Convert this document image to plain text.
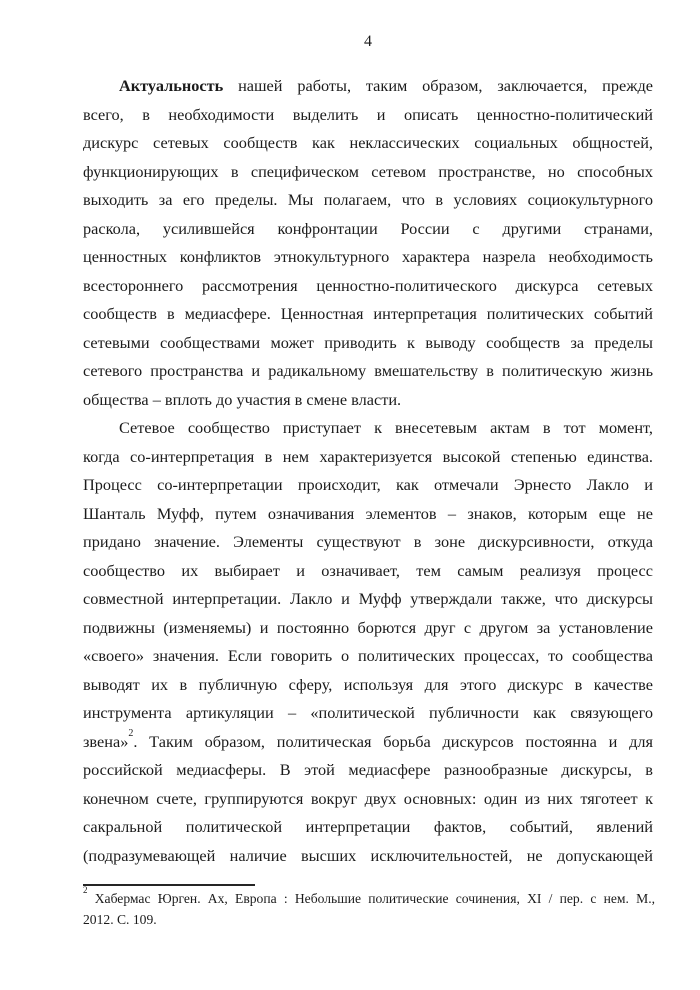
4
Актуальность нашей работы, таким образом, заключается, прежде
всего, в необходимости выделить и описать ценностно-политический
дискурс сетевых сообществ как неклассических социальных общностей,
функционирующих в специфическом сетевом пространстве, но способных
выходить за его пределы. Мы полагаем, что в условиях социокультурного
раскола, усилившейся конфронтации России с другими странами,
ценностных конфликтов этнокультурного характера назрела необходимость
всестороннего рассмотрения ценностно-политического дискурса сетевых
сообществ в медиасфере. Ценностная интерпретация политических событий
сетевыми сообществами может приводить к выводу сообществ за пределы
сетевого пространства и радикальному вмешательству в политическую жизнь
общества – вплоть до участия в смене власти.
Сетевое сообщество приступает к внесетевым актам в тот момент,
когда со-интерпретация в нем характеризуется высокой степенью единства.
Процесс со-интерпретации происходит, как отмечали Эрнесто Лакло и
Шанталь Муфф, путем означивания элементов – знаков, которым еще не
придано значение. Элементы существуют в зоне дискурсивности, откуда
сообщество их выбирает и означивает, тем самым реализуя процесс
совместной интерпретации. Лакло и Муфф утверждали также, что дискурсы
подвижны (изменяемы) и постоянно борются друг с другом за установление
«своего» значения. Если говорить о политических процессах, то сообщества
выводят их в публичную сферу, используя для этого дискурс в качестве
инструмента артикуляции – «политической публичности как связующего
звена»$^2$. Таким образом, политическая борьба дискурсов постоянна и для
российской медиасферы. В этой медиасфере разнообразные дискурсы, в
конечном счете, группируются вокруг двух основных: один из них тяготеет к
сакральной политической интерпретации фактов, событий, явлений
(подразумевающей наличие высших исключительностей, не допускающей
$^2$ Хабермас Юрген. Ах, Европа : Небольшие политические сочинения, XI / пер. с нем. М.,
2012. С. 109.
